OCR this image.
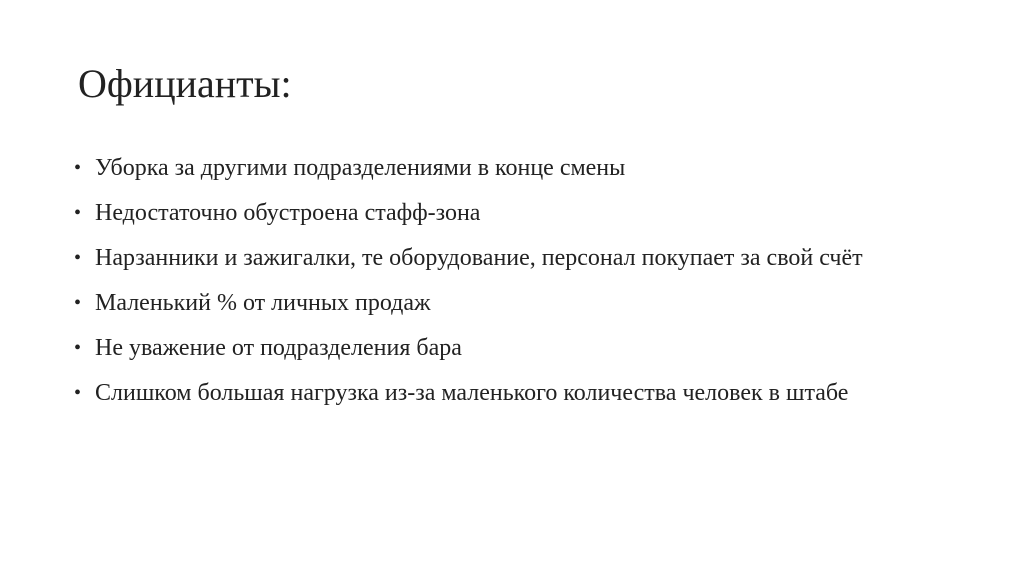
Официанты:
• Уборка за другими подразделениями в конце смены
• Недостаточно обустроена стафф-зона
• Нарзанники и зажигалки, те оборудование, персонал покупает за свой счёт
• Маленький % от личных продаж
• Не уважение от подразделения бара
• Слишком большая нагрузка из-за маленького количества человек в штабе
